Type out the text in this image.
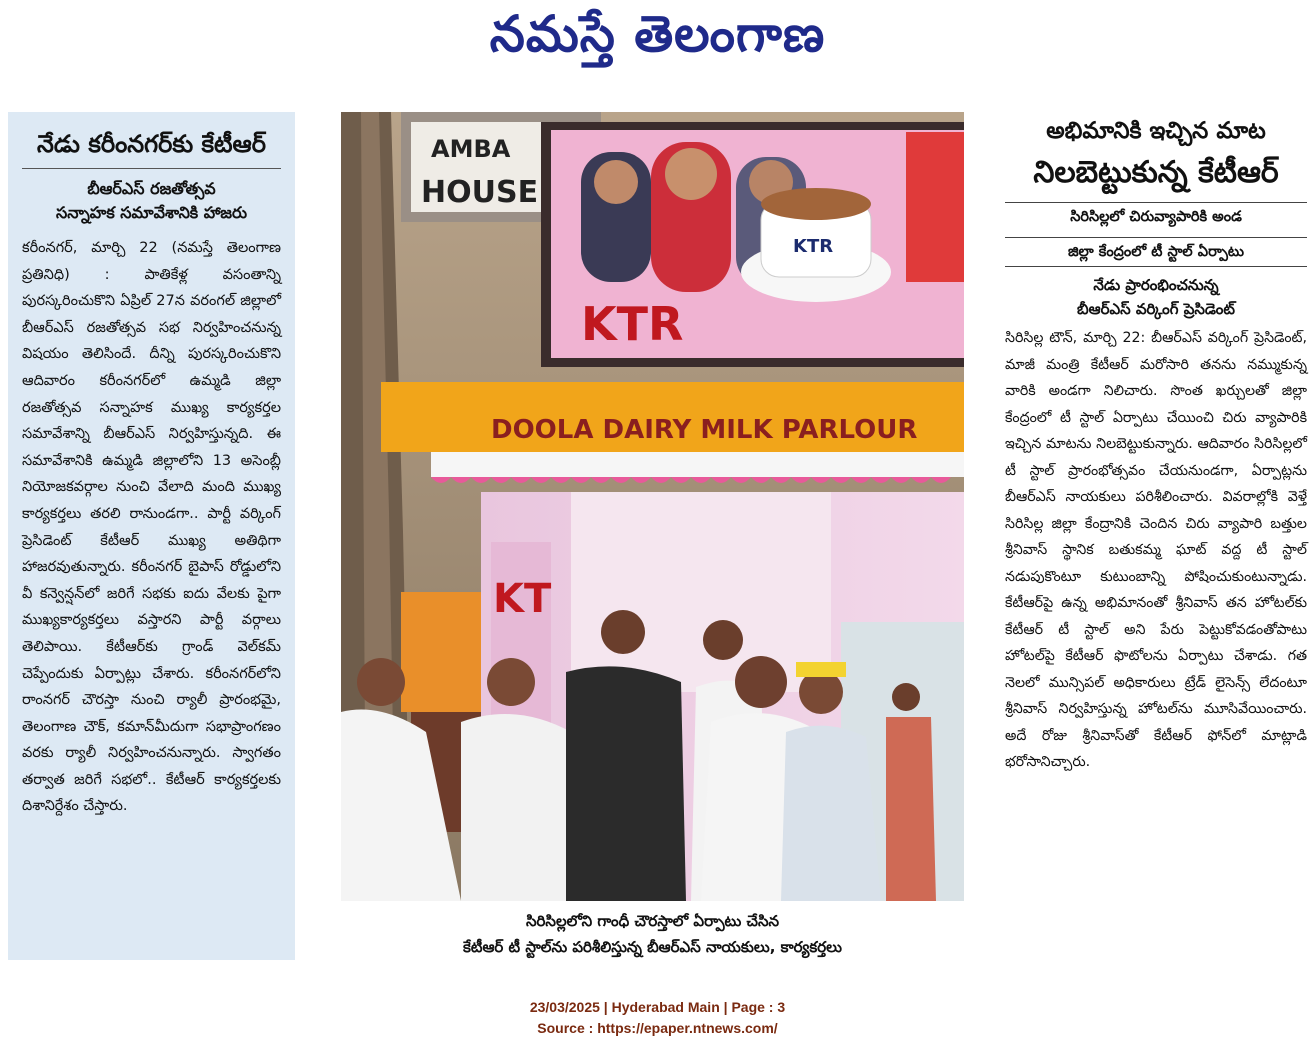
నమస్తే తెలంగాణ
నేడు కరీంనగర్‌కు కేటీఆర్
బీఆర్‌ఎస్ రజతోత్సవ
సన్నాహక సమావేశానికి హాజరు

కరీంనగర్, మార్చి 22 (నమస్తే తెలంగాణ ప్రతినిధి) : పాతికేళ్ల వసంతాన్ని పురస్కరించుకొని ఏప్రిల్ 27న వరంగల్ జిల్లాలో బీఆర్‌ఎస్ రజతోత్సవ సభ నిర్వహించనున్న విషయం తెలిసిందే. దీన్ని పురస్కరించుకొని ఆదివారం కరీంనగర్‌లో ఉమ్మడి జిల్లా రజతోత్సవ సన్నాహక ముఖ్య కార్యకర్తల సమావేశాన్ని బీఆర్‌ఎస్ నిర్వహిస్తున్నది. ఈ సమావేశానికి ఉమ్మడి జిల్లాలోని 13 అసెంబ్లీ నియోజకవర్గాల నుంచి వేలాది మంది ముఖ్య కార్యకర్తలు తరలి రానుండగా.. పార్టీ వర్కింగ్ ప్రెసిడెంట్ కేటీఆర్ ముఖ్య అతిథిగా హాజరవుతున్నారు. కరీంనగర్ బైపాస్ రోడ్డులోని వీ కన్వెన్షన్‌లో జరిగే సభకు ఐదు వేలకు పైగా ముఖ్యకార్యకర్తలు వస్తారని పార్టీ వర్గాలు తెలిపాయి. కేటీఆర్‌కు గ్రాండ్ వెల్‌కమ్ చెప్పేందుకు ఏర్పాట్లు చేశారు. కరీంనగర్‌లోని రాంనగర్ చౌరస్తా నుంచి ర్యాలీ ప్రారంభమై, తెలంగాణ చౌక్, కమాన్‌మీదుగా సభాప్రాంగణం వరకు ర్యాలీ నిర్వహించనున్నారు. స్వాగతం తర్వాత జరిగే సభలో.. కేటీఆర్ కార్యకర్తలకు దిశానిర్దేశం చేస్తారు.

AMBA
HOUSE
KTR
KTR
DOOLA DAIRY MILK PARLOUR
KT
సిరిసిల్లలోని గాంధీ చౌరస్తాలో ఏర్పాటు చేసిన
కేటీఆర్ టీ స్టాల్‌ను పరిశీలిస్తున్న బీఆర్‌ఎస్ నాయకులు, కార్యకర్తలు
అభిమానికి ఇచ్చిన మాట
నిలబెట్టుకున్న కేటీఆర్
సిరిసిల్లలో చిరువ్యాపారికి అండ
జిల్లా కేంద్రంలో టీ స్టాల్ ఏర్పాటు
నేడు ప్రారంభించనున్న
బీఆర్‌ఎస్ వర్కింగ్ ప్రెసిడెంట్

సిరిసిల్ల టౌన్, మార్చి 22: బీఆర్‌ఎస్ వర్కింగ్ ప్రెసిడెంట్, మాజీ మంత్రి కేటీఆర్ మరోసారి తనను నమ్ముకున్న వారికి అండగా నిలిచారు. సొంత ఖర్చులతో జిల్లా కేంద్రంలో టీ స్టాల్ ఏర్పాటు చేయించి చిరు వ్యాపారికి ఇచ్చిన మాటను నిలబెట్టుకున్నారు. ఆదివారం సిరిసిల్లలో టీ స్టాల్ ప్రారంభోత్సవం చేయనుండగా, ఏర్పాట్లను బీఆర్‌ఎస్ నాయకులు పరిశీలించారు. వివరాల్లోకి వెళ్తే సిరిసిల్ల జిల్లా కేంద్రానికి చెందిన చిరు వ్యాపారి బత్తుల శ్రీనివాస్ స్థానిక బతుకమ్మ ఘాట్ వద్ద టీ స్టాల్ నడుపుకొంటూ కుటుంబాన్ని పోషించుకుంటున్నాడు. కేటీఆర్‌పై ఉన్న అభిమానంతో శ్రీనివాస్ తన హోటల్‌కు కేటీఆర్ టీ స్టాల్ అని పేరు పెట్టుకోవడంతోపాటు హోటల్‌పై కేటీఆర్ ఫొటోలను ఏర్పాటు చేశాడు. గత నెలలో మున్సిపల్ అధికారులు ట్రేడ్ లైసెన్స్ లేదంటూ శ్రీనివాస్ నిర్వహిస్తున్న హోటల్‌ను మూసివేయించారు. అదే రోజు శ్రీనివాస్‌తో కేటీఆర్ ఫోన్‌లో మాట్లాడి భరోసానిచ్చారు.

23/03/2025 | Hyderabad Main | Page : 3
Source : https://epaper.ntnews.com/
